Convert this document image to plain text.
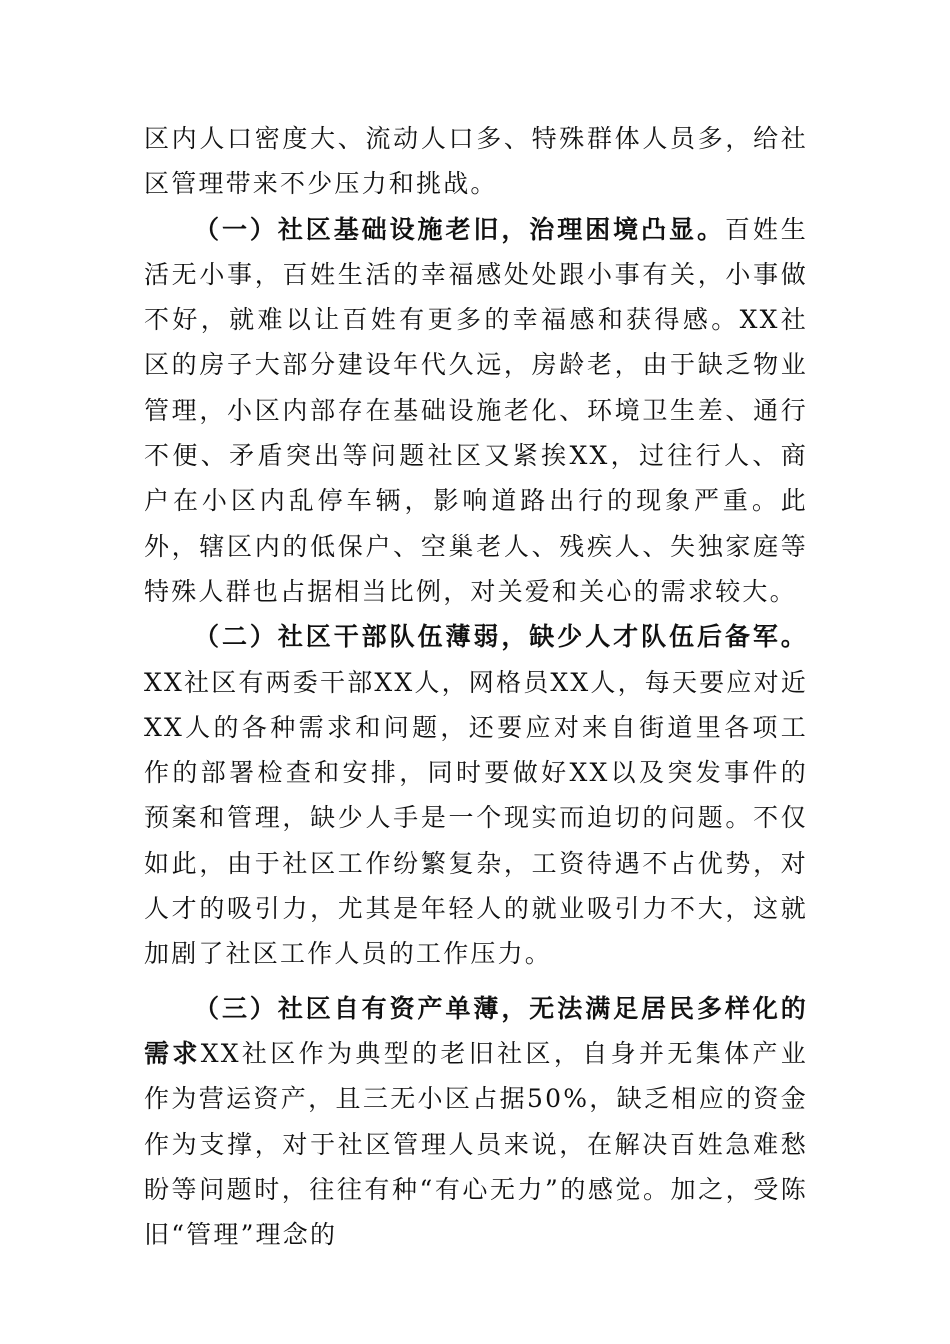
区内人口密度大、流动人口多、特殊群体人员多，给社区管理带来不少压力和挑战。

（一）社区基础设施老旧，治理困境凸显。百姓生活无小事，百姓生活的幸福感处处跟小事有关，小事做不好，就难以让百姓有更多的幸福感和获得感。XX社区的房子大部分建设年代久远，房龄老，由于缺乏物业管理，小区内部存在基础设施老化、环境卫生差、通行不便、矛盾突出等问题社区又紧挨XX，过往行人、商户在小区内乱停车辆，影响道路出行的现象严重。此外，辖区内的低保户、空巢老人、残疾人、失独家庭等特殊人群也占据相当比例，对关爱和关心的需求较大。

（二）社区干部队伍薄弱，缺少人才队伍后备军。XX社区有两委干部XX人，网格员XX人，每天要应对近XX人的各种需求和问题，还要应对来自街道里各项工作的部署检查和安排，同时要做好XX以及突发事件的预案和管理，缺少人手是一个现实而迫切的问题。不仅如此，由于社区工作纷繁复杂，工资待遇不占优势，对人才的吸引力，尤其是年轻人的就业吸引力不大，这就加剧了社区工作人员的工作压力。

（三）社区自有资产单薄，无法满足居民多样化的需求XX社区作为典型的老旧社区，自身并无集体产业作为营运资产，且三无小区占据50%，缺乏相应的资金作为支撑，对于社区管理人员来说，在解决百姓急难愁盼等问题时，往往有种“有心无力”的感觉。加之，受陈旧“管理”理念的
